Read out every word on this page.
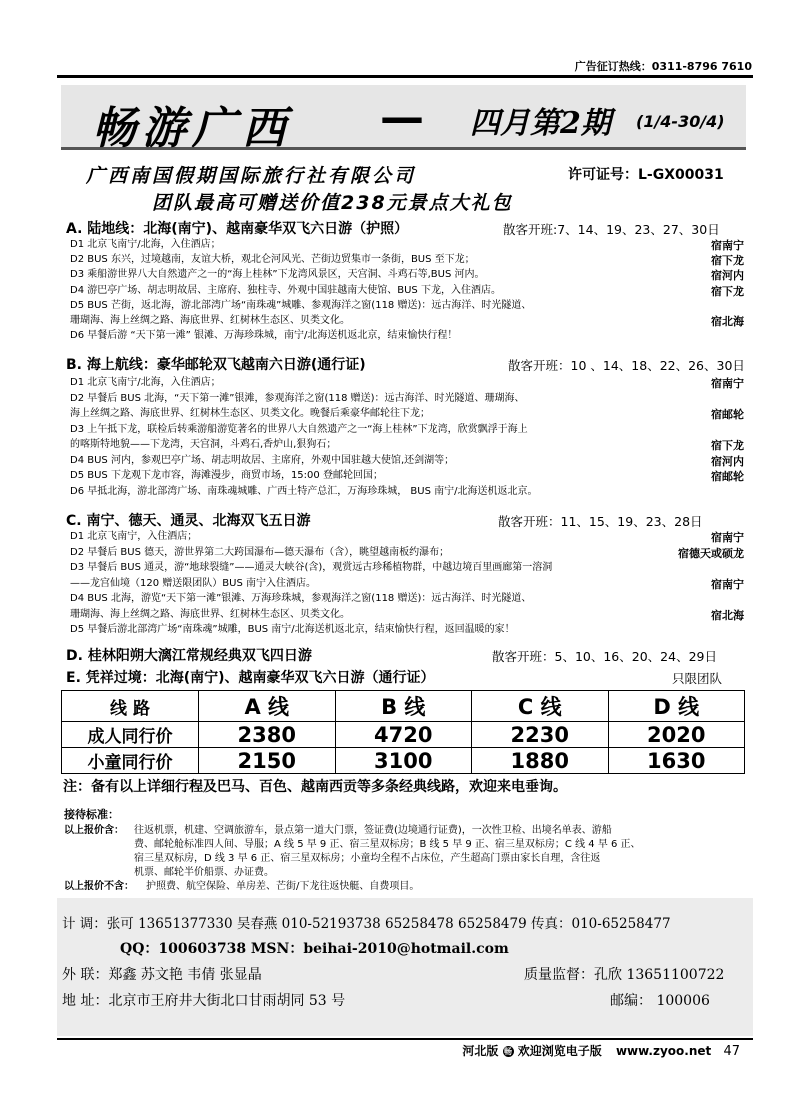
广告征订热线：0311-8796 7610
畅游广西 — 四月第2期 (1/4-30/4)
广西南国假期国际旅行社有限公司	许可证号：L-GX00031
团队最高可赠送价值238元景点大礼包
A. 陆地线：北海(南宁)、越南豪华双飞六日游（护照）	散客开班:7、14、19、23、27、30日
D1 北京飞南宁/北海，入住酒店；	宿南宁
D2 BUS 东兴，过境越南，友谊大桥，观北仑河风光、芒街边贸集市一条街，BUS 至下龙；	宿下龙
D3 乘船游世界八大自然遗产之一的“海上桂林”下龙湾风景区，天宫洞、斗鸡石等,BUS 河内。	宿河内
D4 游巴亭广场、胡志明故居、主席府、独柱寺、外观中国驻越南大使馆、BUS 下龙，入住酒店。	宿下龙
D5 BUS 芒街，返北海，游北部湾广场“南珠魂”城雕、参观海洋之窗(118 赠送)：远古海洋、时光隧道、
珊瑚海、海上丝绸之路、海底世界、红树林生态区、贝类文化。	宿北海
D6 早餐后游 “天下第一滩” 银滩、万海珍珠城，南宁/北海送机返北京，结束愉快行程！
B. 海上航线：豪华邮轮双飞越南六日游(通行证)	散客开班：10 、14、18、22、26、30日
D1 北京飞南宁/北海，入住酒店；	宿南宁
D2 早餐后 BUS 北海，“天下第一滩”银滩，参观海洋之窗(118 赠送)：远古海洋、时光隧道、珊瑚海、
海上丝绸之路、海底世界、红树林生态区、贝类文化。晚餐后乘豪华邮轮往下龙；	宿邮轮
D3 上午抵下龙，联检后转乘游船游览著名的世界八大自然遗产之一“海上桂林”下龙湾，欣赏飘浮于海上
的喀斯特地貌——下龙湾，天宫洞，斗鸡石,香炉山,狠狗石；	宿下龙
D4 BUS 河内，参观巴亭广场、胡志明故居、主席府，外观中国驻越大使馆,还剑湖等；	宿河内
D5 BUS 下龙观下龙市容，海滩漫步，商贸市场，15:00 登邮轮回国；	宿邮轮
D6 早抵北海，游北部湾广场、南珠魂城雕、广西土特产总汇，万海珍珠城， BUS 南宁/北海送机返北京。
C. 南宁、德天、通灵、北海双飞五日游	散客开班：11、15、19、23、28日
D1 北京飞南宁，入住酒店；	宿南宁
D2 早餐后 BUS 德天，游世界第二大跨国瀑布—德天瀑布（含），眺望越南板约瀑布；	宿德天或硕龙
D3 早餐后 BUS 通灵，游“地球裂缝”——通灵大峡谷(含)，观赏远古珍稀植物群，中越边境百里画廊第一溶洞
——龙宫仙境（120 赠送限团队）BUS 南宁入住酒店。	宿南宁
D4 BUS 北海，游览“天下第一滩”银滩、万海珍珠城，参观海洋之窗(118 赠送)：远古海洋、时光隧道、
珊瑚海、海上丝绸之路、海底世界、红树林生态区、贝类文化。	宿北海
D5 早餐后游北部湾广场“南珠魂”城雕，BUS 南宁/北海送机返北京，结束愉快行程，返回温暖的家！
D. 桂林阳朔大漓江常规经典双飞四日游	散客开班：5、10、16、20、24、29日
E. 凭祥过境：北海(南宁)、越南豪华双飞六日游（通行证）	只限团队
线 路	A 线	B 线	C 线	D 线
成人同行价	2380	4720	2230	2020
小童同行价	2150	3100	1880	1630
注：备有以上详细行程及巴马、百色、越南西贡等多条经典线路，欢迎来电垂询。
接待标准：
以上报价含： 往返机票，机建、空调旅游车，景点第一道大门票，签证费(边境通行证费)，一次性卫检、出境名单表、游船
费、邮轮舱标准四人间、导服；A 线 5 早 9 正、宿三星双标房；B 线 5 早 9 正、宿三星双标房；C 线 4 早 6 正、
宿三星双标房，D 线 3 早 6 正、宿三星双标房；小童均全程不占床位，产生超高门票由家长自理，含往返
机票、邮轮半价船票、办证费。
以上报价不含： 护照费、航空保险、单房差、芒街/下龙往返快艇、自费项目。
计 调：张可 13651377330 吴春燕 010-52193738 65258478 65258479 传真：010-65258477
QQ：100603738 MSN：beihai-2010@hotmail.com
外 联：郑鑫 苏文艳 韦倩 张显晶	质量监督：孔欣 13651100722
地 址：北京市王府井大街北口甘雨胡同 53 号	邮编： 100006
河北版 畅 欢迎浏览电子版 www.zyoo.net 47
